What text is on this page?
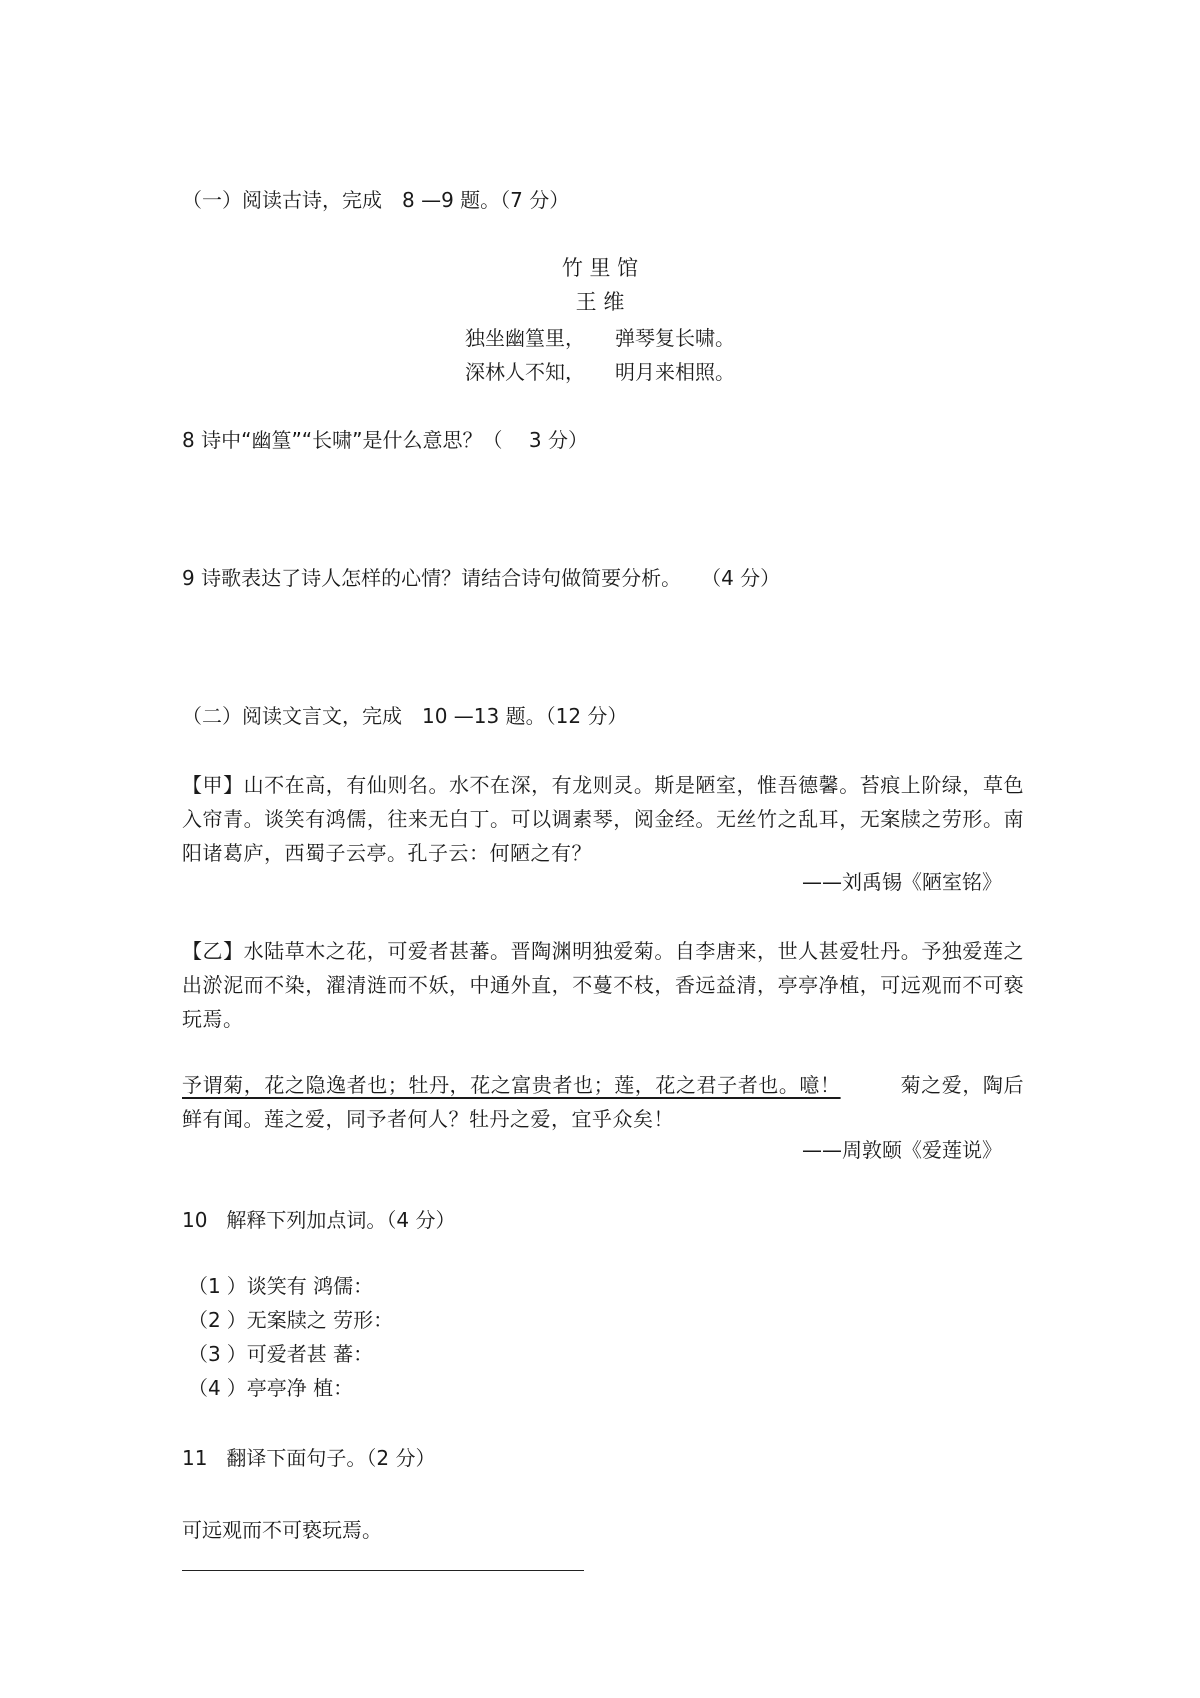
（一）阅读古诗，完成　8 —9 题。（7 分）
竹 里 馆
王 维
独坐幽篁里，　　弹琴复长啸。
深林人不知，　　明月来相照。
8 诗中“幽篁”“长啸”是什么意思？（　 3 分）
9 诗歌表达了诗人怎样的心情？请结合诗句做简要分析。　　（4 分）
（二）阅读文言文，完成　10 —13 题。（12 分）
【甲】山不在高，有仙则名。水不在深，有龙则灵。斯是陋室，惟吾德馨。苔痕上阶绿，草色入帘青。谈笑有鸿儒，往来无白丁。可以调素琴，阅金经。无丝竹之乱耳，无案牍之劳形。南阳诸葛庐，西蜀子云亭。孔子云：何陋之有？
——刘禹锡《陋室铭》
【乙】水陆草木之花，可爱者甚蕃。晋陶渊明独爱菊。自李唐来，世人甚爱牡丹。予独爱莲之出淤泥而不染，濯清涟而不妖，中通外直，不蔓不枝，香远益清，亭亭净植，可远观而不可亵玩焉。
予谓菊，花之隐逸者也；牡丹，花之富贵者也；莲，花之君子者也。噫！	菊之爱，陶后鲜有闻。莲之爱，同予者何人？牡丹之爱，宜乎众矣！
——周敦颐《爱莲说》
10 解释下列加点词。（4 分）
（1 ）谈笑有 鸿儒：
（2 ）无案牍之 劳形：
（3 ）可爱者甚 蕃：
（4 ）亭亭净 植：
11 翻译下面句子。（2 分）
可远观而不可亵玩焉。
